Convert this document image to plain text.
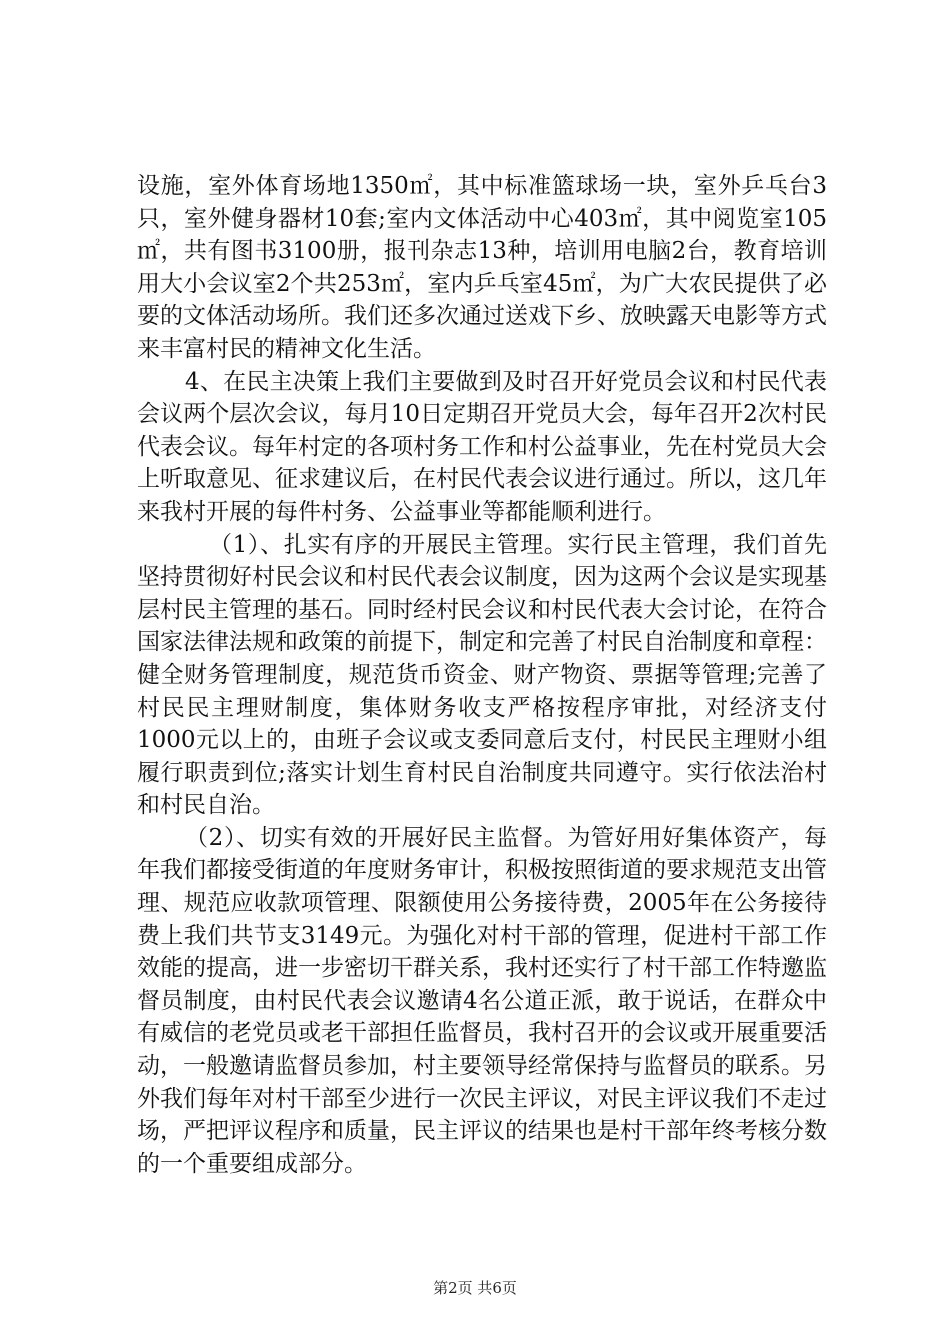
设施，室外体育场地1350㎡，其中标准篮球场一块，室外乒乓台3只，室外健身器材10套;室内文体活动中心403㎡，其中阅览室105㎡，共有图书3100册，报刊杂志13种，培训用电脑2台，教育培训用大小会议室2个共253㎡，室内乒乓室45㎡，为广大农民提供了必要的文体活动场所。我们还多次通过送戏下乡、放映露天电影等方式来丰富村民的精神文化生活。

4、在民主决策上我们主要做到及时召开好党员会议和村民代表会议两个层次会议，每月10日定期召开党员大会，每年召开2次村民代表会议。每年村定的各项村务工作和村公益事业，先在村党员大会上听取意见、征求建议后，在村民代表会议进行通过。所以，这几年来我村开展的每件村务、公益事业等都能顺利进行。

（1）、扎实有序的开展民主管理。实行民主管理，我们首先坚持贯彻好村民会议和村民代表会议制度，因为这两个会议是实现基层村民主管理的基石。同时经村民会议和村民代表大会讨论，在符合国家法律法规和政策的前提下，制定和完善了村民自治制度和章程：健全财务管理制度，规范货币资金、财产物资、票据等管理;完善了村民民主理财制度，集体财务收支严格按程序审批，对经济支付1000元以上的，由班子会议或支委同意后支付，村民民主理财小组履行职责到位;落实计划生育村民自治制度共同遵守。实行依法治村和村民自治。

（2）、切实有效的开展好民主监督。为管好用好集体资产，每年我们都接受街道的年度财务审计，积极按照街道的要求规范支出管理、规范应收款项管理、限额使用公务接待费，2005年在公务接待费上我们共节支3149元。为强化对村干部的管理，促进村干部工作效能的提高，进一步密切干群关系，我村还实行了村干部工作特邀监督员制度，由村民代表会议邀请4名公道正派，敢于说话，在群众中有威信的老党员或老干部担任监督员，我村召开的会议或开展重要活动，一般邀请监督员参加，村主要领导经常保持与监督员的联系。另外我们每年对村干部至少进行一次民主评议，对民主评议我们不走过场，严把评议程序和质量，民主评议的结果也是村干部年终考核分数的一个重要组成部分。

第2页 共6页
